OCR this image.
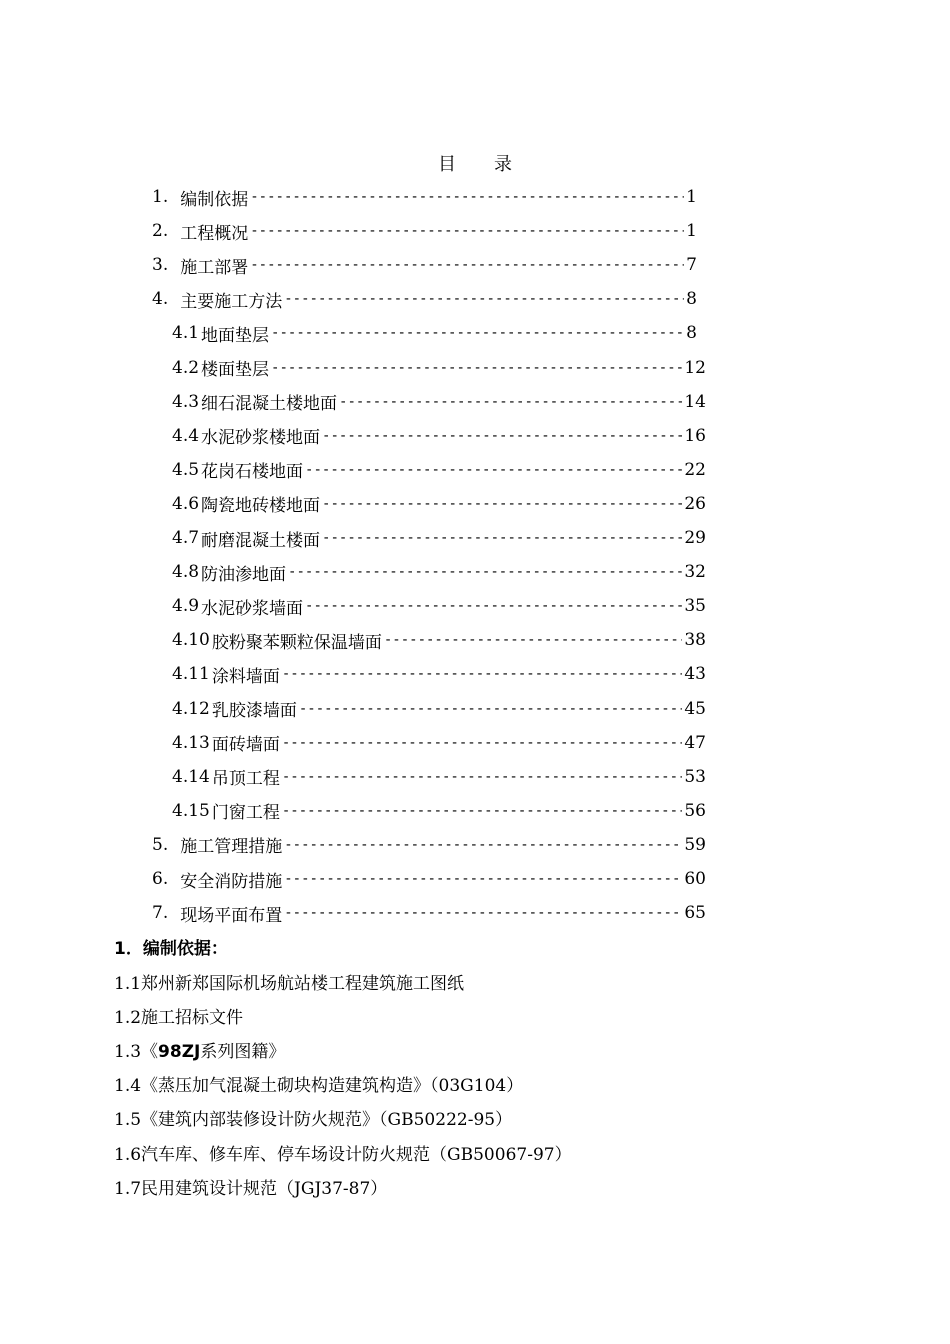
目 录
1. 编制依据 -----	1
2. 工程概况 -----	1
3. 施工部署 -----	7
4. 主要施工方法 -----	8
4.1 地面垫层 -----	8
4.2 楼面垫层 -----	12
4.3 细石混凝土楼地面 -----	14
4.4 水泥砂浆楼地面 -----	16
4.5 花岗石楼地面 -----	22
4.6 陶瓷地砖楼地面 -----	26
4.7 耐磨混凝土楼面 -----	29
4.8 防油渗地面 -----	32
4.9 水泥砂浆墙面 -----	35
4.10 胶粉聚苯颗粒保温墙面 -----	38
4.11 涂料墙面 -----	43
4.12 乳胶漆墙面 -----	45
4.13 面砖墙面 -----	47
4.14 吊顶工程 -----	53
4.15 门窗工程 -----	56
5. 施工管理措施 -----	59
6. 安全消防措施 -----	60
7. 现场平面布置 -----	65
1．编制依据：
1.1郑州新郑国际机场航站楼工程建筑施工图纸
1.2施工招标文件
1.3《98ZJ系列图籍》
1.4《蒸压加气混凝土砌块构造建筑构造》（03G104）
1.5《建筑内部装修设计防火规范》（GB50222-95）
1.6汽车库、修车库、停车场设计防火规范（GB50067-97）
1.7民用建筑设计规范（JGJ37-87）
